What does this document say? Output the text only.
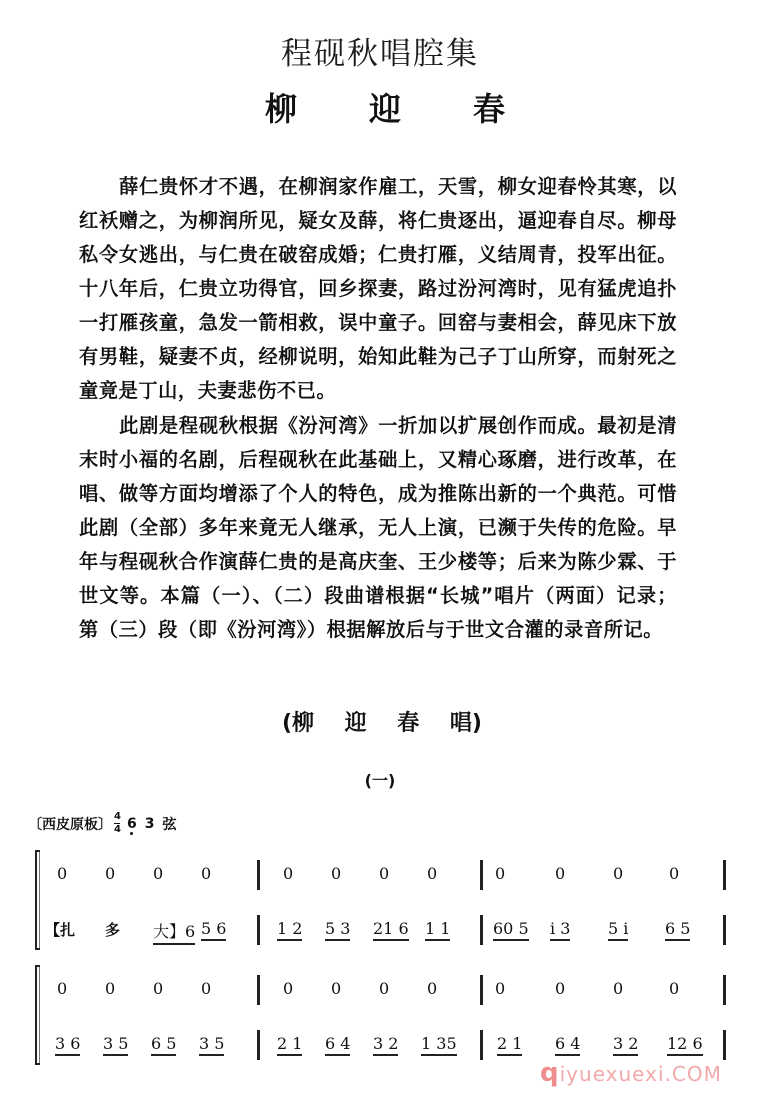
程砚秋唱腔集
柳 迎 春
薛仁贵怀才不遇，在柳润家作雇工，天雪，柳女迎春怜其寒，以红袄赠之，为柳润所见，疑女及薛，将仁贵逐出，逼迎春自尽。柳母私令女逃出，与仁贵在破窑成婚；仁贵打雁，义结周青，投军出征。十八年后，仁贵立功得官，回乡探妻，路过汾河湾时，见有猛虎追扑一打雁孩童，急发一箭相救，误中童子。回窑与妻相会，薛见床下放有男鞋，疑妻不贞，经柳说明，始知此鞋为己子丁山所穿，而射死之童竟是丁山，夫妻悲伤不已。
此剧是程砚秋根据《汾河湾》一折加以扩展创作而成。最初是清末时小福的名剧，后程砚秋在此基础上，又精心琢磨，进行改革，在唱、做等方面均增添了个人的特色，成为推陈出新的一个典范。可惜此剧（全部）多年来竟无人继承，无人上演，已濒于失传的危险。早年与程砚秋合作演薛仁贵的是高庆奎、王少楼等；后来为陈少霖、于世文等。本篇（一）、（二）段曲谱根据“长城”唱片（两面）记录；第（三）段（即《汾河湾》）根据解放后与于世文合灌的录音所记。
(柳 迎 春 唱)
(一)
〔西皮原板〕 4
4 6 3 弦
0 0 0 0	0 0 0 0	0	0	0	0
【扎 多 大】6 5 6	1 2 5 3 21 6 1 1	60 5 i 3 5 i 6 5
0 0 0 0	0 0 0 0	0	0	0	0
3 6 3 5 6 5 3 5	2 1 6 4 3 2 1 35	2 1 6 4 3 2 12 6
qiyuexuexi.COM
